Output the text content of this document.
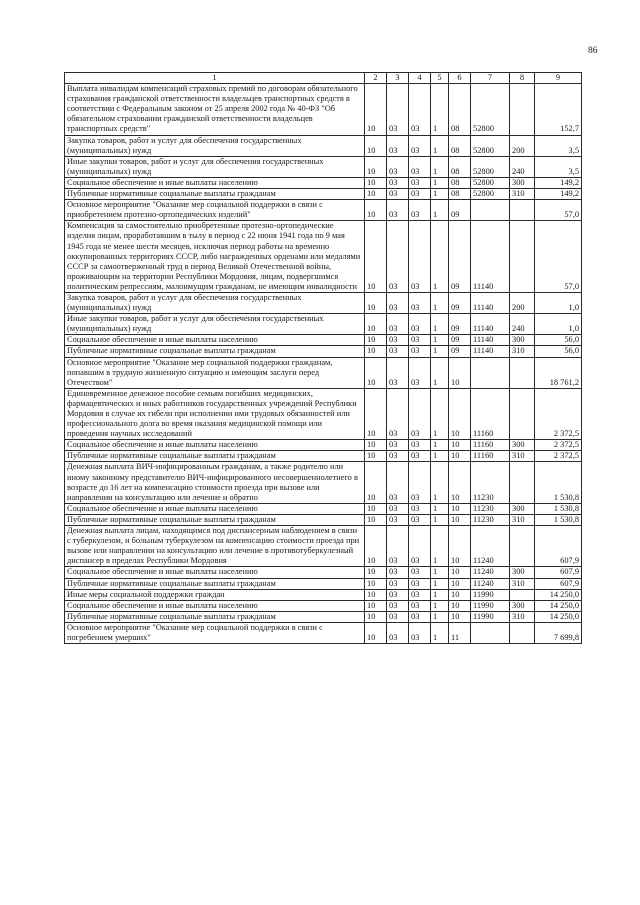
86
1	2	3	4	5	6	7	8	9
Выплата инвалидам компенсаций страховых премий по договорам обязательного страхования гражданской ответственности владельцев транспортных средств в соответствии с Федеральным законом от 25 апреля 2002 года № 40-ФЗ "Об обязательном страховании гражданской ответственности владельцев транспортных средств"	10	03	03	1	08	52800		152,7
Закупка товаров, работ и услуг для обеспечения государственных (муниципальных) нужд	10	03	03	1	08	52800	200	3,5
Иные закупки товаров, работ и услуг для обеспечения государственных (муниципальных) нужд	10	03	03	1	08	52800	240	3,5
Социальное обеспечение и иные выплаты населению	10	03	03	1	08	52800	300	149,2
Публичные нормативные социальные выплаты гражданам	10	03	03	1	08	52800	310	149,2
Основное мероприятие "Оказание мер социальной поддержки в связи с приобретением протезно-ортопедических изделий"	10	03	03	1	09			57,0
Компенсация за самостоятельно приобретенные протезно-ортопедические изделия лицам, проработавшим в тылу в период с 22 июня 1941 года по 9 мая 1945 года не менее шести месяцев, исключая период работы на временно оккупированных территориях СССР, либо награжденных орденами или медалями СССР за самоотверженный труд в период Великой Отечественной войны, проживающим на территории Республики Мордовия, лицам, подвергшимся политическим репрессиям, малоимущим гражданам, не имеющим инвалидности	10	03	03	1	09	11140		57,0
Закупка товаров, работ и услуг для обеспечения государственных (муниципальных) нужд	10	03	03	1	09	11140	200	1,0
Иные закупки товаров, работ и услуг для обеспечения государственных (муниципальных) нужд	10	03	03	1	09	11140	240	1,0
Социальное обеспечение и иные выплаты населению	10	03	03	1	09	11140	300	56,0
Публичные нормативные социальные выплаты гражданам	10	03	03	1	09	11140	310	56,0
Основное мероприятие "Оказание мер социальной поддержки гражданам, попавшим в трудную жизненную ситуацию и имеющим заслуги перед Отечеством"	10	03	03	1	10			18 761,2
Единовременное денежное пособие семьям погибших медицинских, фармацевтических и иных работников государственных учреждений Республики Мордовия в случае их гибели при исполнении ими трудовых обязанностей или профессионального долга во время оказания медицинской помощи или проведения научных исследований	10	03	03	1	10	11160		2 372,5
Социальное обеспечение и иные выплаты населению	10	03	03	1	10	11160	300	2 372,5
Публичные нормативные социальные выплаты гражданам	10	03	03	1	10	11160	310	2 372,5
Денежная выплата ВИЧ-инфицированным гражданам, а также родителю или иному законному представителю ВИЧ-инфицированного несовершеннолетнего в возрасте до 16 лет на компенсацию стоимости проезда при вызове или направлении на консультацию или лечение и обратно	10	03	03	1	10	11230		1 530,8
Социальное обеспечение и иные выплаты населению	10	03	03	1	10	11230	300	1 530,8
Публичные нормативные социальные выплаты гражданам	10	03	03	1	10	11230	310	1 530,8
Денежная выплата лицам, находящимся под диспансерным наблюдением в связи с туберкулезом, и больным туберкулезом на компенсацию стоимости проезда при вызове или направлении на консультацию или лечение в противотуберкулезный диспансер в пределах Республики Мордовия	10	03	03	1	10	11240		607,9
Социальное обеспечение и иные выплаты населению	10	03	03	1	10	11240	300	607,9
Публичные нормативные социальные выплаты гражданам	10	03	03	1	10	11240	310	607,9
Иные меры социальной поддержки граждан	10	03	03	1	10	11990		14 250,0
Социальное обеспечение и иные выплаты населению	10	03	03	1	10	11990	300	14 250,0
Публичные нормативные социальные выплаты гражданам	10	03	03	1	10	11990	310	14 250,0
Основное мероприятие "Оказание мер социальной поддержки в связи с погребением умерших"	10	03	03	1	11			7 699,8
